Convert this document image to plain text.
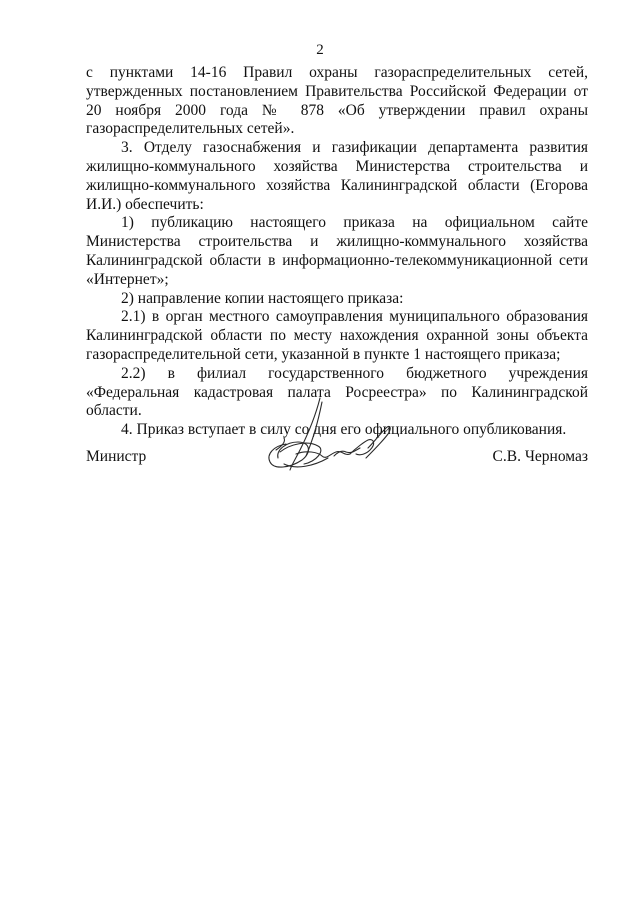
2

с пунктами 14-16 Правил охраны газораспределительных сетей, утвержденных постановлением Правительства Российской Федерации от 20 ноября 2000 года № 878 «Об утверждении правил охраны газораспределительных сетей».

3. Отделу газоснабжения и газификации департамента развития жилищно-коммунального хозяйства Министерства строительства и жилищно-коммунального хозяйства Калининградской области (Егорова И.И.) обеспечить:

1) публикацию настоящего приказа на официальном сайте Министерства строительства и жилищно-коммунального хозяйства Калининградской области в информационно-телекоммуникационной сети «Интернет»;

2) направление копии настоящего приказа:

2.1) в орган местного самоуправления муниципального образования Калининградской области по месту нахождения охранной зоны объекта газораспределительной сети, указанной в пункте 1 настоящего приказа;

2.2) в филиал государственного бюджетного учреждения «Федеральная кадастровая палата Росреестра» по Калининградской области.

4. Приказ вступает в силу со дня его официального опубликования.

Министр	С.В. Черномаз
